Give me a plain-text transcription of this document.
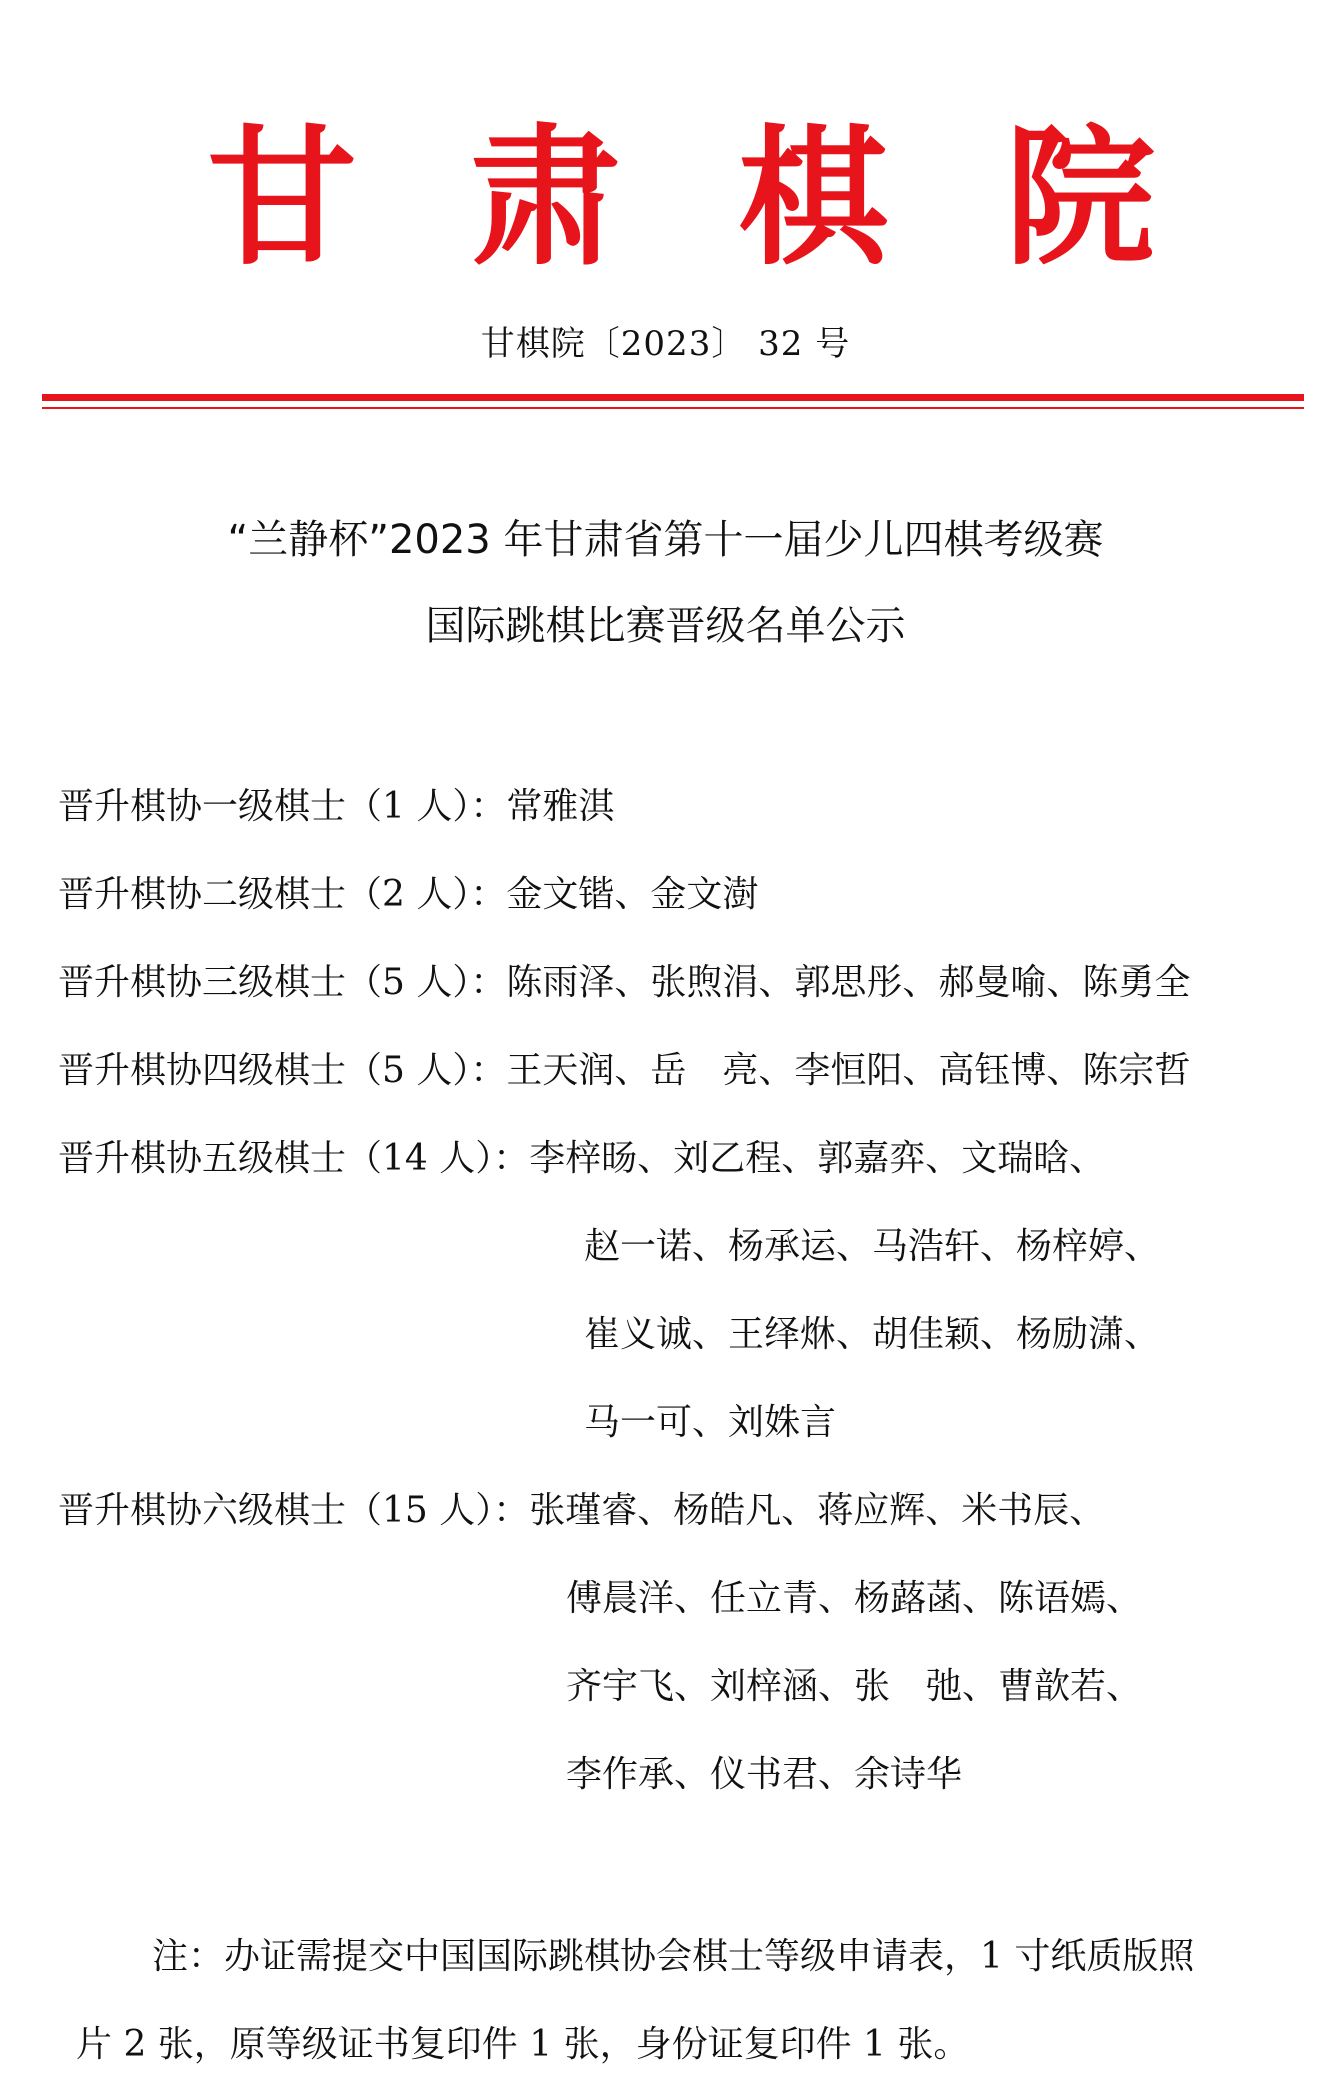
甘 肃 棋 院
甘棋院〔2023〕 32 号
“兰静杯”2023 年甘肃省第十一届少儿四棋考级赛
国际跳棋比赛晋级名单公示
晋升棋协一级棋士（1 人）：常雅淇
晋升棋协二级棋士（2 人）：金文锴、金文澍
晋升棋协三级棋士（5 人）：陈雨泽、张煦涓、郭思彤、郝曼喻、陈勇全
晋升棋协四级棋士（5 人）：王天润、岳　亮、李恒阳、高钰博、陈宗哲
晋升棋协五级棋士（14 人）：李梓旸、刘乙程、郭嘉弈、文瑞晗、
赵一诺、杨承运、马浩轩、杨梓婷、
崔义诚、王绎烌、胡佳颖、杨励潇、
马一可、刘姝言
晋升棋协六级棋士（15 人）：张瑾睿、杨皓凡、蒋应辉、米书辰、
傅晨洋、任立青、杨蕗菡、陈语嫣、
齐宇飞、刘梓涵、张　弛、曹歆若、
李作承、仪书君、余诗华
注：办证需提交中国国际跳棋协会棋士等级申请表，1 寸纸质版照
片 2 张，原等级证书复印件 1 张，身份证复印件 1 张。
